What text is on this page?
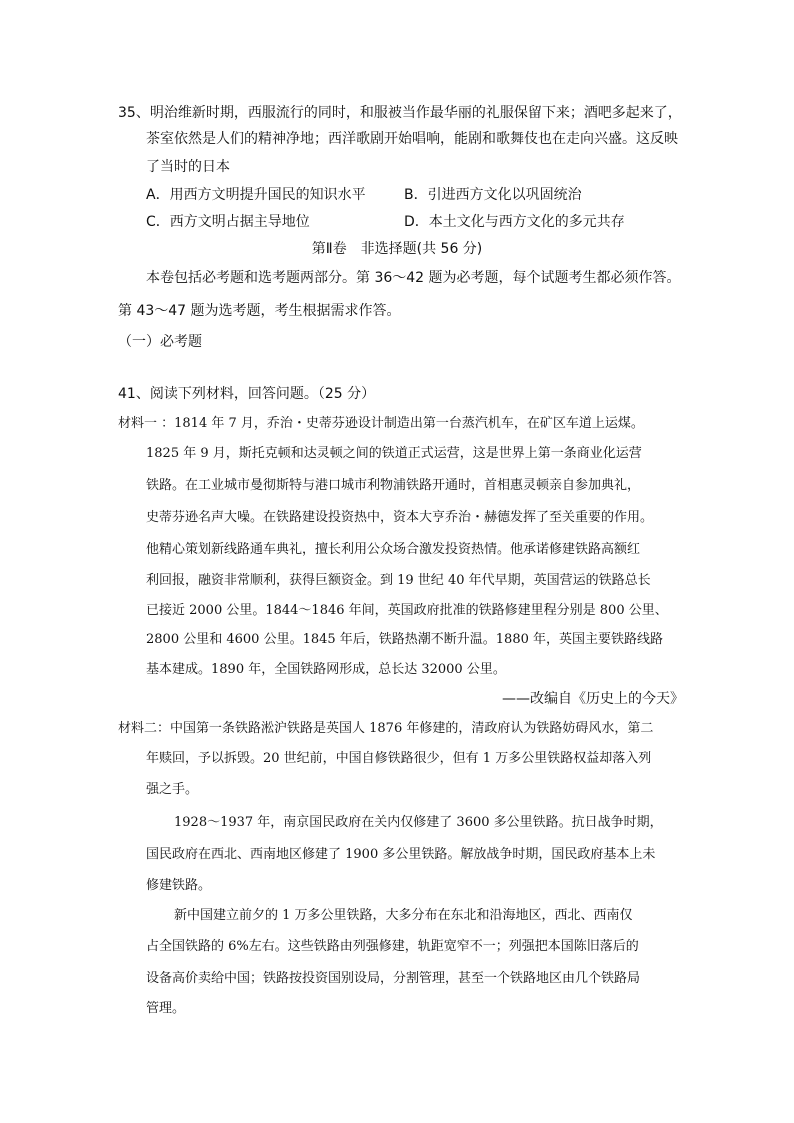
35、明治维新时期，西服流行的同时，和服被当作最华丽的礼服保留下来；酒吧多起来了，
茶室依然是人们的精神净地；西洋歌剧开始唱响，能剧和歌舞伎也在走向兴盛。这反映
了当时的日本
A．用西方文明提升国民的知识水平	B．引进西方文化以巩固统治
C．西方文明占据主导地位	D．本土文化与西方文化的多元共存
第Ⅱ卷　非选择题(共 56 分)
本卷包括必考题和选考题两部分。第 36～42 题为必考题，每个试题考生都必须作答。
第 43～47 题为选考题，考生根据需求作答。
（一）必考题
41、阅读下列材料，回答问题。（25 分）
材料一 ：1814 年 7 月，乔治・史蒂芬逊设计制造出第一台蒸汽机车，在矿区车道上运煤。
1825 年 9 月，斯托克顿和达灵顿之间的铁道正式运营，这是世界上第一条商业化运营
铁路。在工业城市曼彻斯特与港口城市利物浦铁路开通时，首相惠灵顿亲自参加典礼，
史蒂芬逊名声大噪。在铁路建设投资热中，资本大亨乔治・赫德发挥了至关重要的作用。
他精心策划新线路通车典礼，擅长利用公众场合激发投资热情。他承诺修建铁路高额红
利回报，融资非常顺利，获得巨额资金。到 19 世纪 40 年代早期，英国营运的铁路总长
已接近 2000 公里。1844～1846 年间，英国政府批准的铁路修建里程分别是 800 公里、
2800 公里和 4600 公里。1845 年后，铁路热潮不断升温。1880 年，英国主要铁路线路
基本建成。1890 年，全国铁路网形成，总长达 32000 公里。
——改编自《历史上的今天》
材料二：中国第一条铁路淞沪铁路是英国人 1876 年修建的，清政府认为铁路妨碍风水，第二
年赎回，予以拆毁。20 世纪前，中国自修铁路很少，但有 1 万多公里铁路权益却落入列
强之手。
1928～1937 年，南京国民政府在关内仅修建了 3600 多公里铁路。抗日战争时期，
国民政府在西北、西南地区修建了 1900 多公里铁路。解放战争时期，国民政府基本上未
修建铁路。
新中国建立前夕的 1 万多公里铁路，大多分布在东北和沿海地区，西北、西南仅
占全国铁路的 6%左右。这些铁路由列强修建，轨距宽窄不一；列强把本国陈旧落后的
设备高价卖给中国；铁路按投资国别设局，分割管理，甚至一个铁路地区由几个铁路局
管理。
